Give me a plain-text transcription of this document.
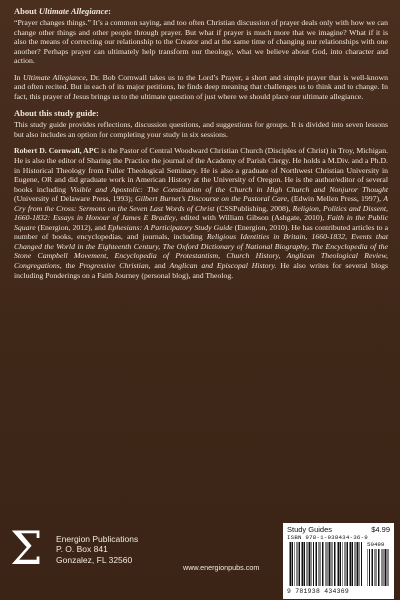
About Ultimate Allegiance:

“Prayer changes things.” It’s a common saying, and too often Christian discussion of prayer deals only with how we can change other things and other people through prayer. But what if prayer is much more that we imagine? What if it is also the means of correcting our relationship to the Creator and at the same time of changing our relationships with one another? Perhaps prayer can ultimately help transform our theology, what we believe about God, into character and action.

In Ultimate Allegiance, Dr. Bob Cornwall takes us to the Lord’s Prayer, a short and simple prayer that is well-known and often recited. But in each of its major petitions, he finds deep meaning that challenges us to think and to change. In fact, this prayer of Jesus brings us to the ultimate question of just where we should place our ultimate allegiance.

About this study guide:

This study guide provides reflections, discussion questions, and suggestions for groups. It is divided into seven lessons but also includes an option for completing your study in six sessions.

Robert D. Cornwall, APC is the Pastor of Central Woodward Christian Church (Disciples of Christ) in Troy, Michigan. He is also the editor of Sharing the Practice the journal of the Academy of Parish Clergy. He holds a M.Div. and a Ph.D. in Historical Theology from Fuller Theological Seminary. He is also a graduate of Northwest Christian University in Eugene, OR and did graduate work in American History at the University of Oregon. He is the author/editor of several books including Visible and Apostolic: The Constitution of the Church in High Church and Nonjuror Thought (University of Delaware Press, 1993); Gilbert Burnet’s Discourse on the Pastoral Care, (Edwin Mellen Press, 1997), A Cry from the Cross: Sermons on the Seven Last Words of Christ (CSSPublishing, 2008), Religion, Politics and Dissent, 1660-1832: Essays in Honour of James E Bradley, edited with William Gibson (Ashgate, 2010), Faith in the Public Square (Energion, 2012), and Ephesians: A Participatory Study Guide (Energion, 2010). He has contributed articles to a number of books, encyclopedias, and journals, including Religious Identities in Britain, 1660-1832, Events that Changed the World in the Eighteenth Century, The Oxford Dictionary of National Biography, The Encyclopedia of the Stone Campbell Movement, Encyclopedia of Protestantism, Church History, Anglican Theological Review, Congregations, the Progressive Christian, and Anglican and Episcopal History. He also writes for several blogs including Ponderings on a Faith Journey (personal blog), and Theolog.

Σ Energion Publications
P. O. Box 841
Gonzalez, FL 32560
www.energionpubs.com
Study Guides	$4.99
ISBN 978-1-938434-36-9
50499
9 781938 434369
